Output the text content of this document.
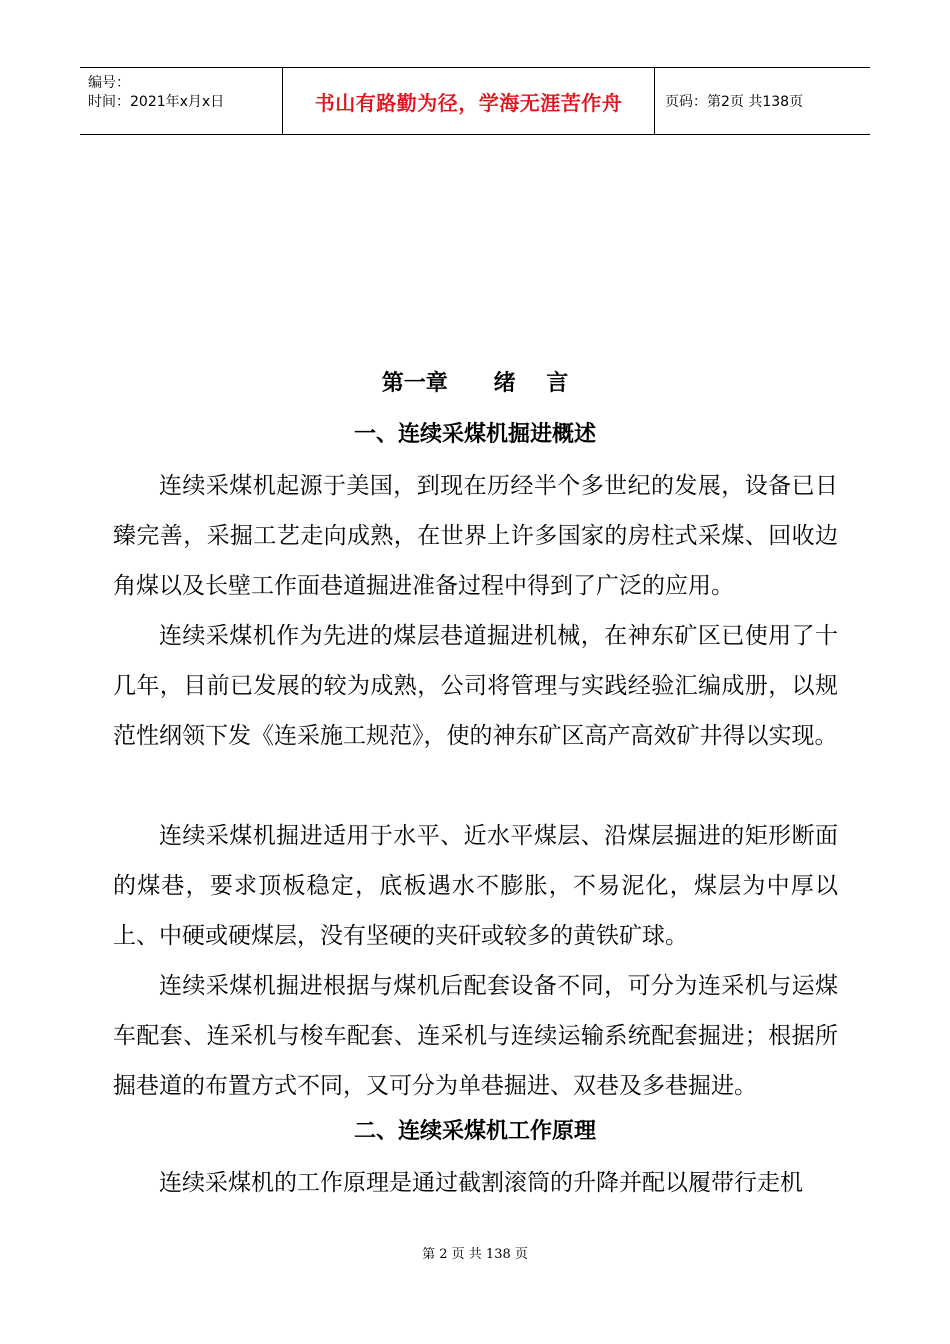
编号：
时间：2021年x月x日	书山有路勤为径，学海无涯苦作舟	页码：第2页 共138页
第一章      绪    言
一、连续采煤机掘进概述

连续采煤机起源于美国，到现在历经半个多世纪的发展，设备已日臻完善，采掘工艺走向成熟，在世界上许多国家的房柱式采煤、回收边角煤以及长壁工作面巷道掘进准备过程中得到了广泛的应用。

连续采煤机作为先进的煤层巷道掘进机械，在神东矿区已使用了十几年，目前已发展的较为成熟，公司将管理与实践经验汇编成册，以规范性纲领下发《连采施工规范》，使的神东矿区高产高效矿井得以实现。

连续采煤机掘进适用于水平、近水平煤层、沿煤层掘进的矩形断面的煤巷，要求顶板稳定，底板遇水不膨胀，不易泥化，煤层为中厚以上、中硬或硬煤层，没有坚硬的夹矸或较多的黄铁矿球。

连续采煤机掘进根据与煤机后配套设备不同，可分为连采机与运煤车配套、连采机与梭车配套、连采机与连续运输系统配套掘进；根据所掘巷道的布置方式不同，又可分为单巷掘进、双巷及多巷掘进。

二、连续采煤机工作原理

连续采煤机的工作原理是通过截割滚筒的升降并配以履带行走机

第 2 页 共 138 页
